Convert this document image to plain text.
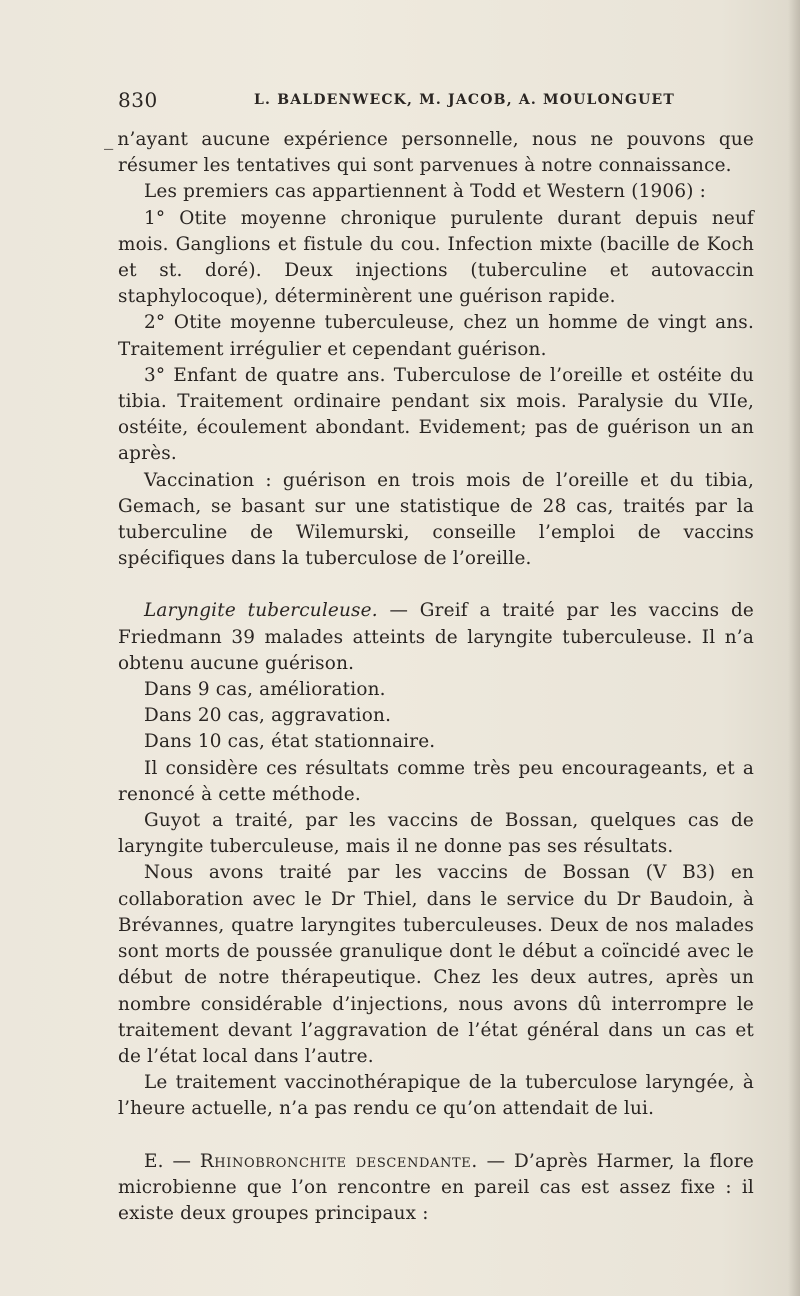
830	L. BALDENWECK, M. JACOB, A. MOULONGUET

_ n’ayant aucune expérience personnelle, nous ne pouvons que résumer les tentatives qui sont parvenues à notre connaissance.

Les premiers cas appartiennent à Todd et Western (1906) :

1° Otite moyenne chronique purulente durant depuis neuf mois. Ganglions et fistule du cou. Infection mixte (bacille de Koch et st. doré). Deux injections (tuberculine et autovaccin staphylocoque), déterminèrent une guérison rapide.

2° Otite moyenne tuberculeuse, chez un homme de vingt ans. Traitement irrégulier et cependant guérison.

3° Enfant de quatre ans. Tuberculose de l’oreille et ostéite du tibia. Traitement ordinaire pendant six mois. Paralysie du VIIe, ostéite, écoulement abondant. Evidement; pas de guérison un an après.

Vaccination : guérison en trois mois de l’oreille et du tibia, Gemach, se basant sur une statistique de 28 cas, traités par la tuberculine de Wilemurski, conseille l’emploi de vaccins spécifiques dans la tuberculose de l’oreille.

Laryngite tuberculeuse. — Greif a traité par les vaccins de Friedmann 39 malades atteints de laryngite tuberculeuse. Il n’a obtenu aucune guérison.

Dans 9 cas, amélioration.

Dans 20 cas, aggravation.

Dans 10 cas, état stationnaire.

Il considère ces résultats comme très peu encourageants, et a renoncé à cette méthode.

Guyot a traité, par les vaccins de Bossan, quelques cas de laryngite tuberculeuse, mais il ne donne pas ses résultats.

Nous avons traité par les vaccins de Bossan (V B3) en collaboration avec le Dr Thiel, dans le service du Dr Baudoin, à Brévannes, quatre laryngites tuberculeuses. Deux de nos malades sont morts de poussée granulique dont le début a coïncidé avec le début de notre thérapeutique. Chez les deux autres, après un nombre considérable d’injections, nous avons dû interrompre le traitement devant l’aggravation de l’état général dans un cas et de l’état local dans l’autre.

Le traitement vaccinothérapique de la tuberculose laryngée, à l’heure actuelle, n’a pas rendu ce qu’on attendait de lui.

E. — Rhinobronchite descendante. — D’après Harmer, la flore microbienne que l’on rencontre en pareil cas est assez fixe : il existe deux groupes principaux :
